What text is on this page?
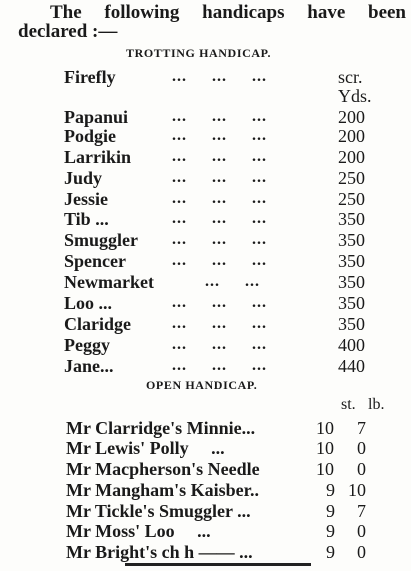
The following handicaps have been
declared :—
TROTTING HANDICAP.
Firefly	...     ...     ...	scr.
Papanui	...     ...     ...	200
Podgie	...     ...     ...	200
Larrikin	...     ...     ...	200
Judy	...     ...     ...	250
Jessie	...     ...     ...	250
Tib ...	...     ...     ...	350
Smuggler ...     ...     ...	350
Spencer	...     ...     ...	350
Newmarket	...     ...	350
Loo ...	...     ...     ...	350
Claridge	...     ...     ...	350
Peggy	...     ...     ...	400
Jane...	...     ...     ...	440
Yds.
OPEN HANDICAP.
st. lb.
Mr Clarridge's Minnie...	10 7
Mr Lewis' Polly     ...	10 0
Mr Macpherson's Needle	10 0
Mr Mangham's Kaisber..	9 10
Mr Tickle's Smuggler ...	9 7
Mr Moss' Loo     ...	9 0
Mr Bright's ch h —— ...	9 0
